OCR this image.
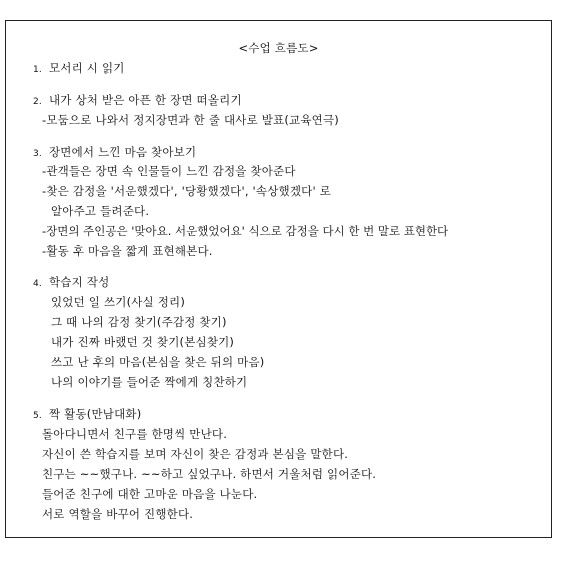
<수업 흐름도>
1. 모서리 시 읽기
2. 내가 상처 받은 아픈 한 장면 떠올리기
-모둠으로 나와서 정지장면과 한 줄 대사로 발표(교육연극)
3. 장면에서 느낀 마음 찾아보기
-관객들은 장면 속 인물들이 느낀 감정을 찾아준다
-찾은 감정을 '서운했겠다', '당황했겠다', '속상했겠다' 로
알아주고 들려준다.
-장면의 주인공은 '맞아요. 서운했었어요' 식으로 감정을 다시 한 번 말로 표현한다
-활동 후 마음을 짧게 표현해본다.
4. 학습지 작성
있었던 일 쓰기(사실 정리)
그 때 나의 감정 찾기(주감정 찾기)
내가 진짜 바랬던 것 찾기(본심찾기)
쓰고 난 후의 마음(본심을 찾은 뒤의 마음)
나의 이야기를 들어준 짝에게 칭찬하기
5. 짝 활동(만남대화)
돌아다니면서 친구를 한명씩 만난다.
자신이 쓴 학습지를 보며 자신이 찾은 감정과 본심을 말한다.
친구는 ~~했구나. ~~하고 싶었구나. 하면서 거울처럼 읽어준다.
들어준 친구에 대한 고마운 마음을 나눈다.
서로 역할을 바꾸어 진행한다.
